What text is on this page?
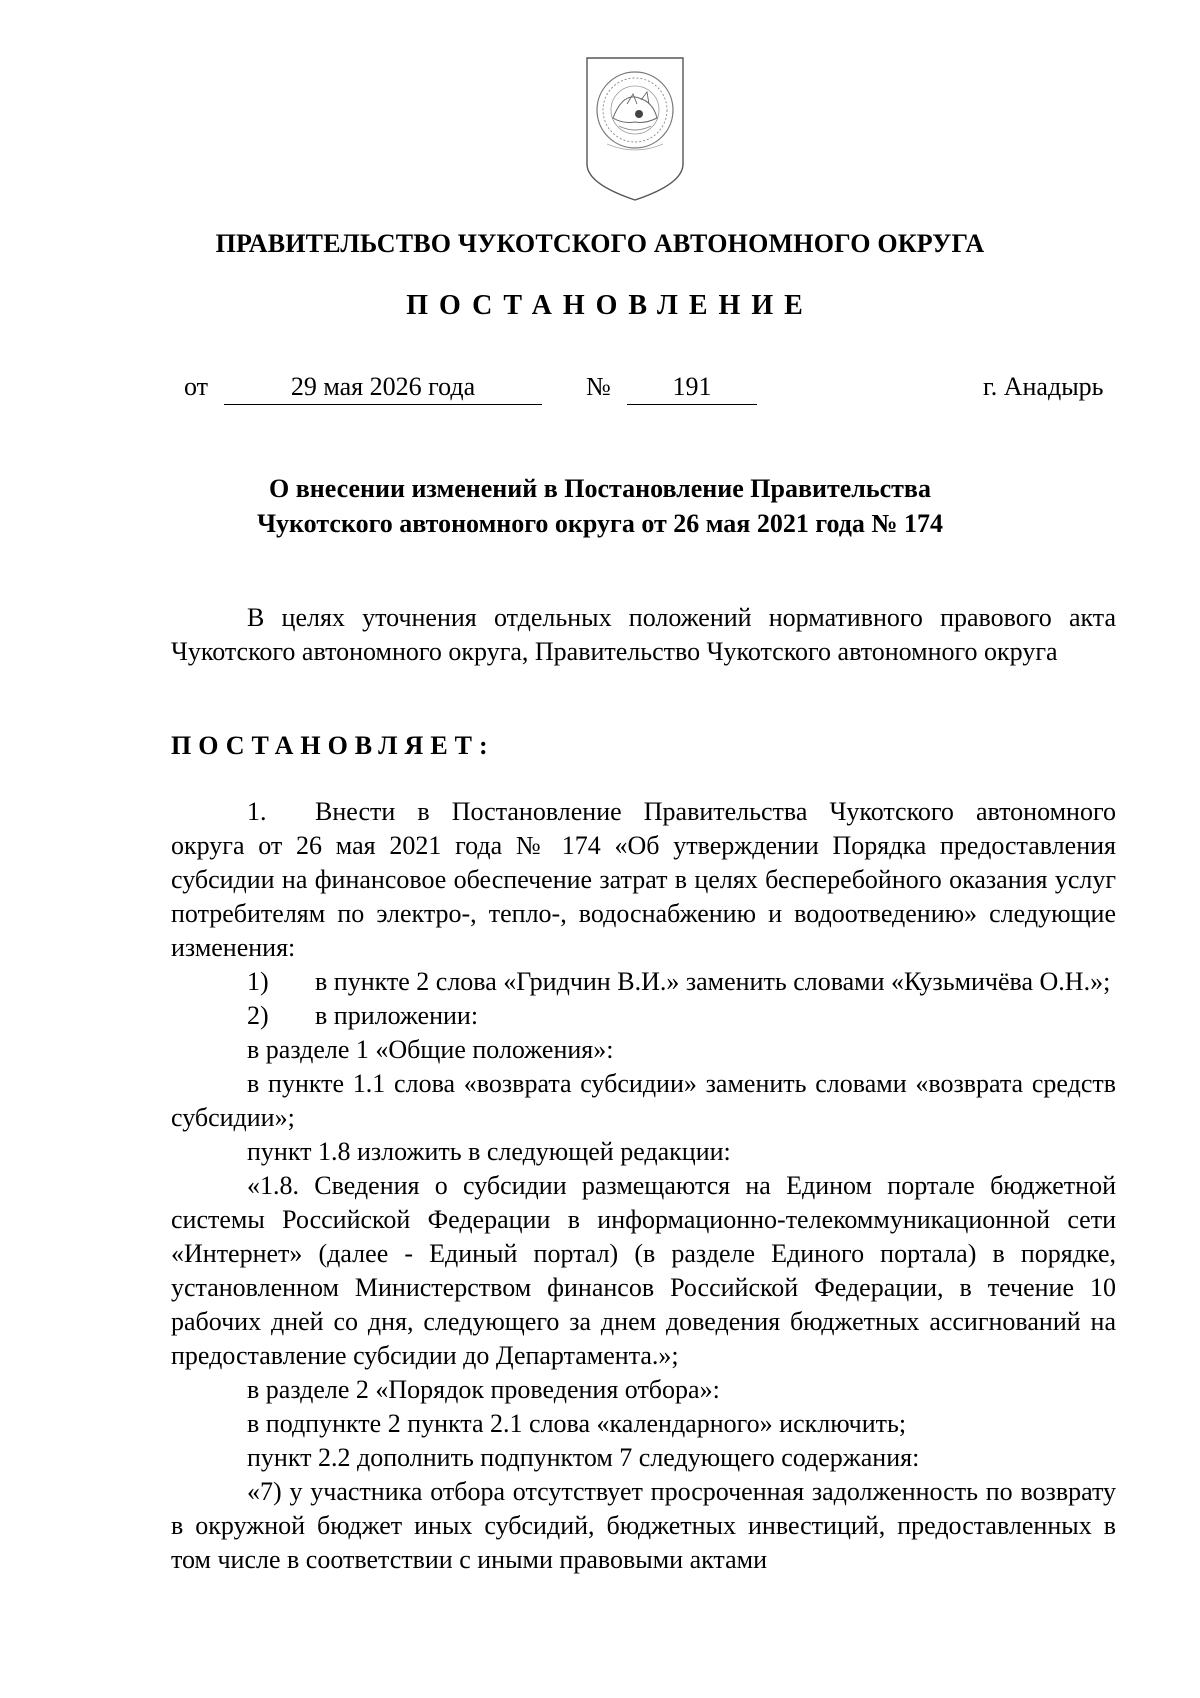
ПРАВИТЕЛЬСТВО ЧУКОТСКОГО АВТОНОМНОГО ОКРУГА
ПОСТАНОВЛЕНИЕ
от	29 мая 2026 года	№	191	г. Анадырь
О внесении изменений в Постановление Правительства
Чукотского автономного округа от 26 мая 2021 года № 174

В целях уточнения отдельных положений нормативного правового акта Чукотского автономного округа, Правительство Чукотского автономного округа

ПОСТАНОВЛЯЕТ:

1. Внести в Постановление Правительства Чукотского автономного округа от 26 мая 2021 года № 174 «Об утверждении Порядка предоставления субсидии на финансовое обеспечение затрат в целях бесперебойного оказания услуг потребителям по электро-, тепло-, водоснабжению и водоотведению» следующие изменения:

1) в пункте 2 слова «Гридчин В.И.» заменить словами «Кузьмичёва О.Н.»;

2) в приложении:

в разделе 1 «Общие положения»:

в пункте 1.1 слова «возврата субсидии» заменить словами «возврата средств субсидии»;

пункт 1.8 изложить в следующей редакции:

«1.8. Сведения о субсидии размещаются на Едином портале бюджетной системы Российской Федерации в информационно-телекоммуникационной сети «Интернет» (далее - Единый портал) (в разделе Единого портала) в порядке, установленном Министерством финансов Российской Федерации, в течение 10 рабочих дней со дня, следующего за днем доведения бюджетных ассигнований на предоставление субсидии до Департамента.»;

в разделе 2 «Порядок проведения отбора»:

в подпункте 2 пункта 2.1 слова «календарного» исключить;

пункт 2.2 дополнить подпунктом 7 следующего содержания:

«7) у участника отбора отсутствует просроченная задолженность по возврату в окружной бюджет иных субсидий, бюджетных инвестиций, предоставленных в том числе в соответствии с иными правовыми актами
